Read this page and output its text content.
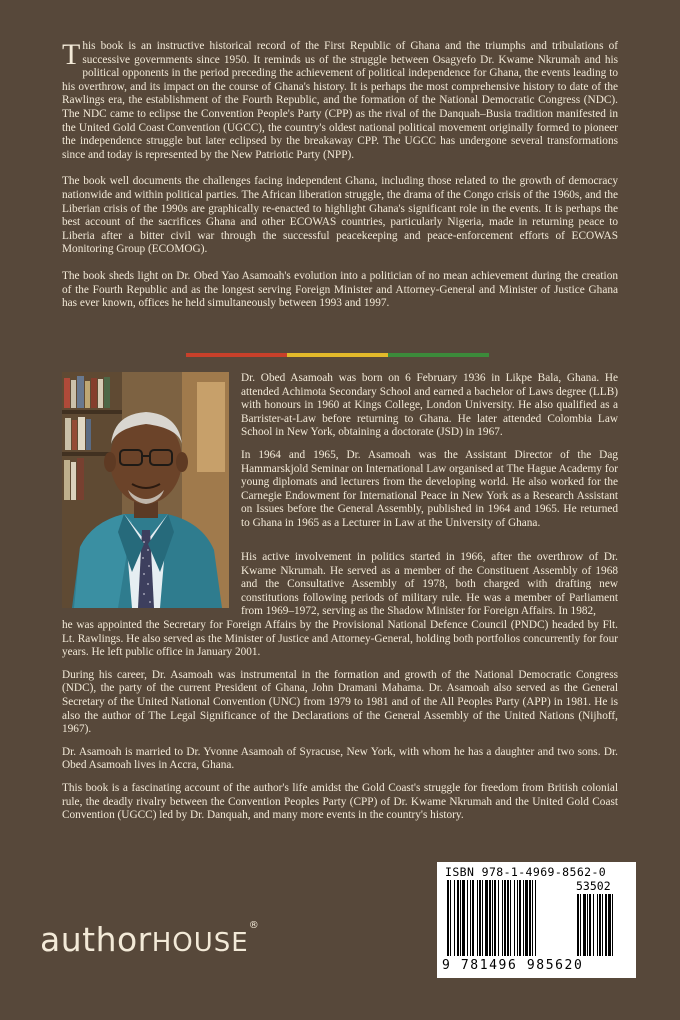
This book is an instructive historical record of the First Republic of Ghana and the triumphs and tribulations of successive governments since 1950. It reminds us of the struggle between Osagyefo Dr. Kwame Nkrumah and his political opponents in the period preceding the achievement of political independence for Ghana, the events leading to his overthrow, and its impact on the course of Ghana's history. It is perhaps the most comprehensive history to date of the Rawlings era, the establishment of the Fourth Republic, and the formation of the National Democratic Congress (NDC). The NDC came to eclipse the Convention People's Party (CPP) as the rival of the Danquah–Busia tradition manifested in the United Gold Coast Convention (UGCC), the country's oldest national political movement originally formed to pioneer the independence struggle but later eclipsed by the breakaway CPP. The UGCC has undergone several transformations since and today is represented by the New Patriotic Party (NPP).

The book well documents the challenges facing independent Ghana, including those related to the growth of democracy nationwide and within political parties. The African liberation struggle, the drama of the Congo crisis of the 1960s, and the Liberian crisis of the 1990s are graphically re-enacted to highlight Ghana's significant role in the events. It is perhaps the best account of the sacrifices Ghana and other ECOWAS countries, particularly Nigeria, made in returning peace to Liberia after a bitter civil war through the successful peacekeeping and peace-enforcement efforts of ECOWAS Monitoring Group (ECOMOG).

The book sheds light on Dr. Obed Yao Asamoah's evolution into a politician of no mean achievement during the creation of the Fourth Republic and as the longest serving Foreign Minister and Attorney-General and Minister of Justice Ghana has ever known, offices he held simultaneously between 1993 and 1997.

Dr. Obed Asamoah was born on 6 February 1936 in Likpe Bala, Ghana. He attended Achimota Secondary School and earned a bachelor of Laws degree (LLB) with honours in 1960 at Kings College, London University. He also qualified as a Barrister-at-Law before returning to Ghana. He later attended Colombia Law School in New York, obtaining a doctorate (JSD) in 1967.

In 1964 and 1965, Dr. Asamoah was the Assistant Director of the Dag Hammarskjold Seminar on International Law organised at The Hague Academy for young diplomats and lecturers from the developing world. He also worked for the Carnegie Endowment for International Peace in New York as a Research Assistant on Issues before the General Assembly, published in 1964 and 1965. He returned to Ghana in 1965 as a Lecturer in Law at the University of Ghana.

His active involvement in politics started in 1966, after the overthrow of Dr. Kwame Nkrumah. He served as a member of the Constituent Assembly of 1968 and the Consultative Assembly of 1978, both charged with drafting new constitutions following periods of military rule. He was a member of Parliament from 1969–1972, serving as the Shadow Minister for Foreign Affairs. In 1982,
he was appointed the Secretary for Foreign Affairs by the Provisional National Defence Council (PNDC) headed by Flt. Lt. Rawlings. He also served as the Minister of Justice and Attorney-General, holding both portfolios concurrently for four years. He left public office in January 2001.

During his career, Dr. Asamoah was instrumental in the formation and growth of the National Democratic Congress (NDC), the party of the current President of Ghana, John Dramani Mahama. Dr. Asamoah also served as the General Secretary of the United National Convention (UNC) from 1979 to 1981 and of the All Peoples Party (APP) in 1981. He is also the author of The Legal Significance of the Declarations of the General Assembly of the United Nations (Nijhoff, 1967).

Dr. Asamoah is married to Dr. Yvonne Asamoah of Syracuse, New York, with whom he has a daughter and two sons. Dr. Obed Asamoah lives in Accra, Ghana.

This book is a fascinating account of the author's life amidst the Gold Coast's struggle for freedom from British colonial rule, the deadly rivalry between the Convention Peoples Party (CPP) of Dr. Kwame Nkrumah and the United Gold Coast Convention (UGCC) led by Dr. Danquah, and many more events in the country's history.

authorHOUSE®
ISBN 978-1-4969-8562-0
53502
9 781496 985620
